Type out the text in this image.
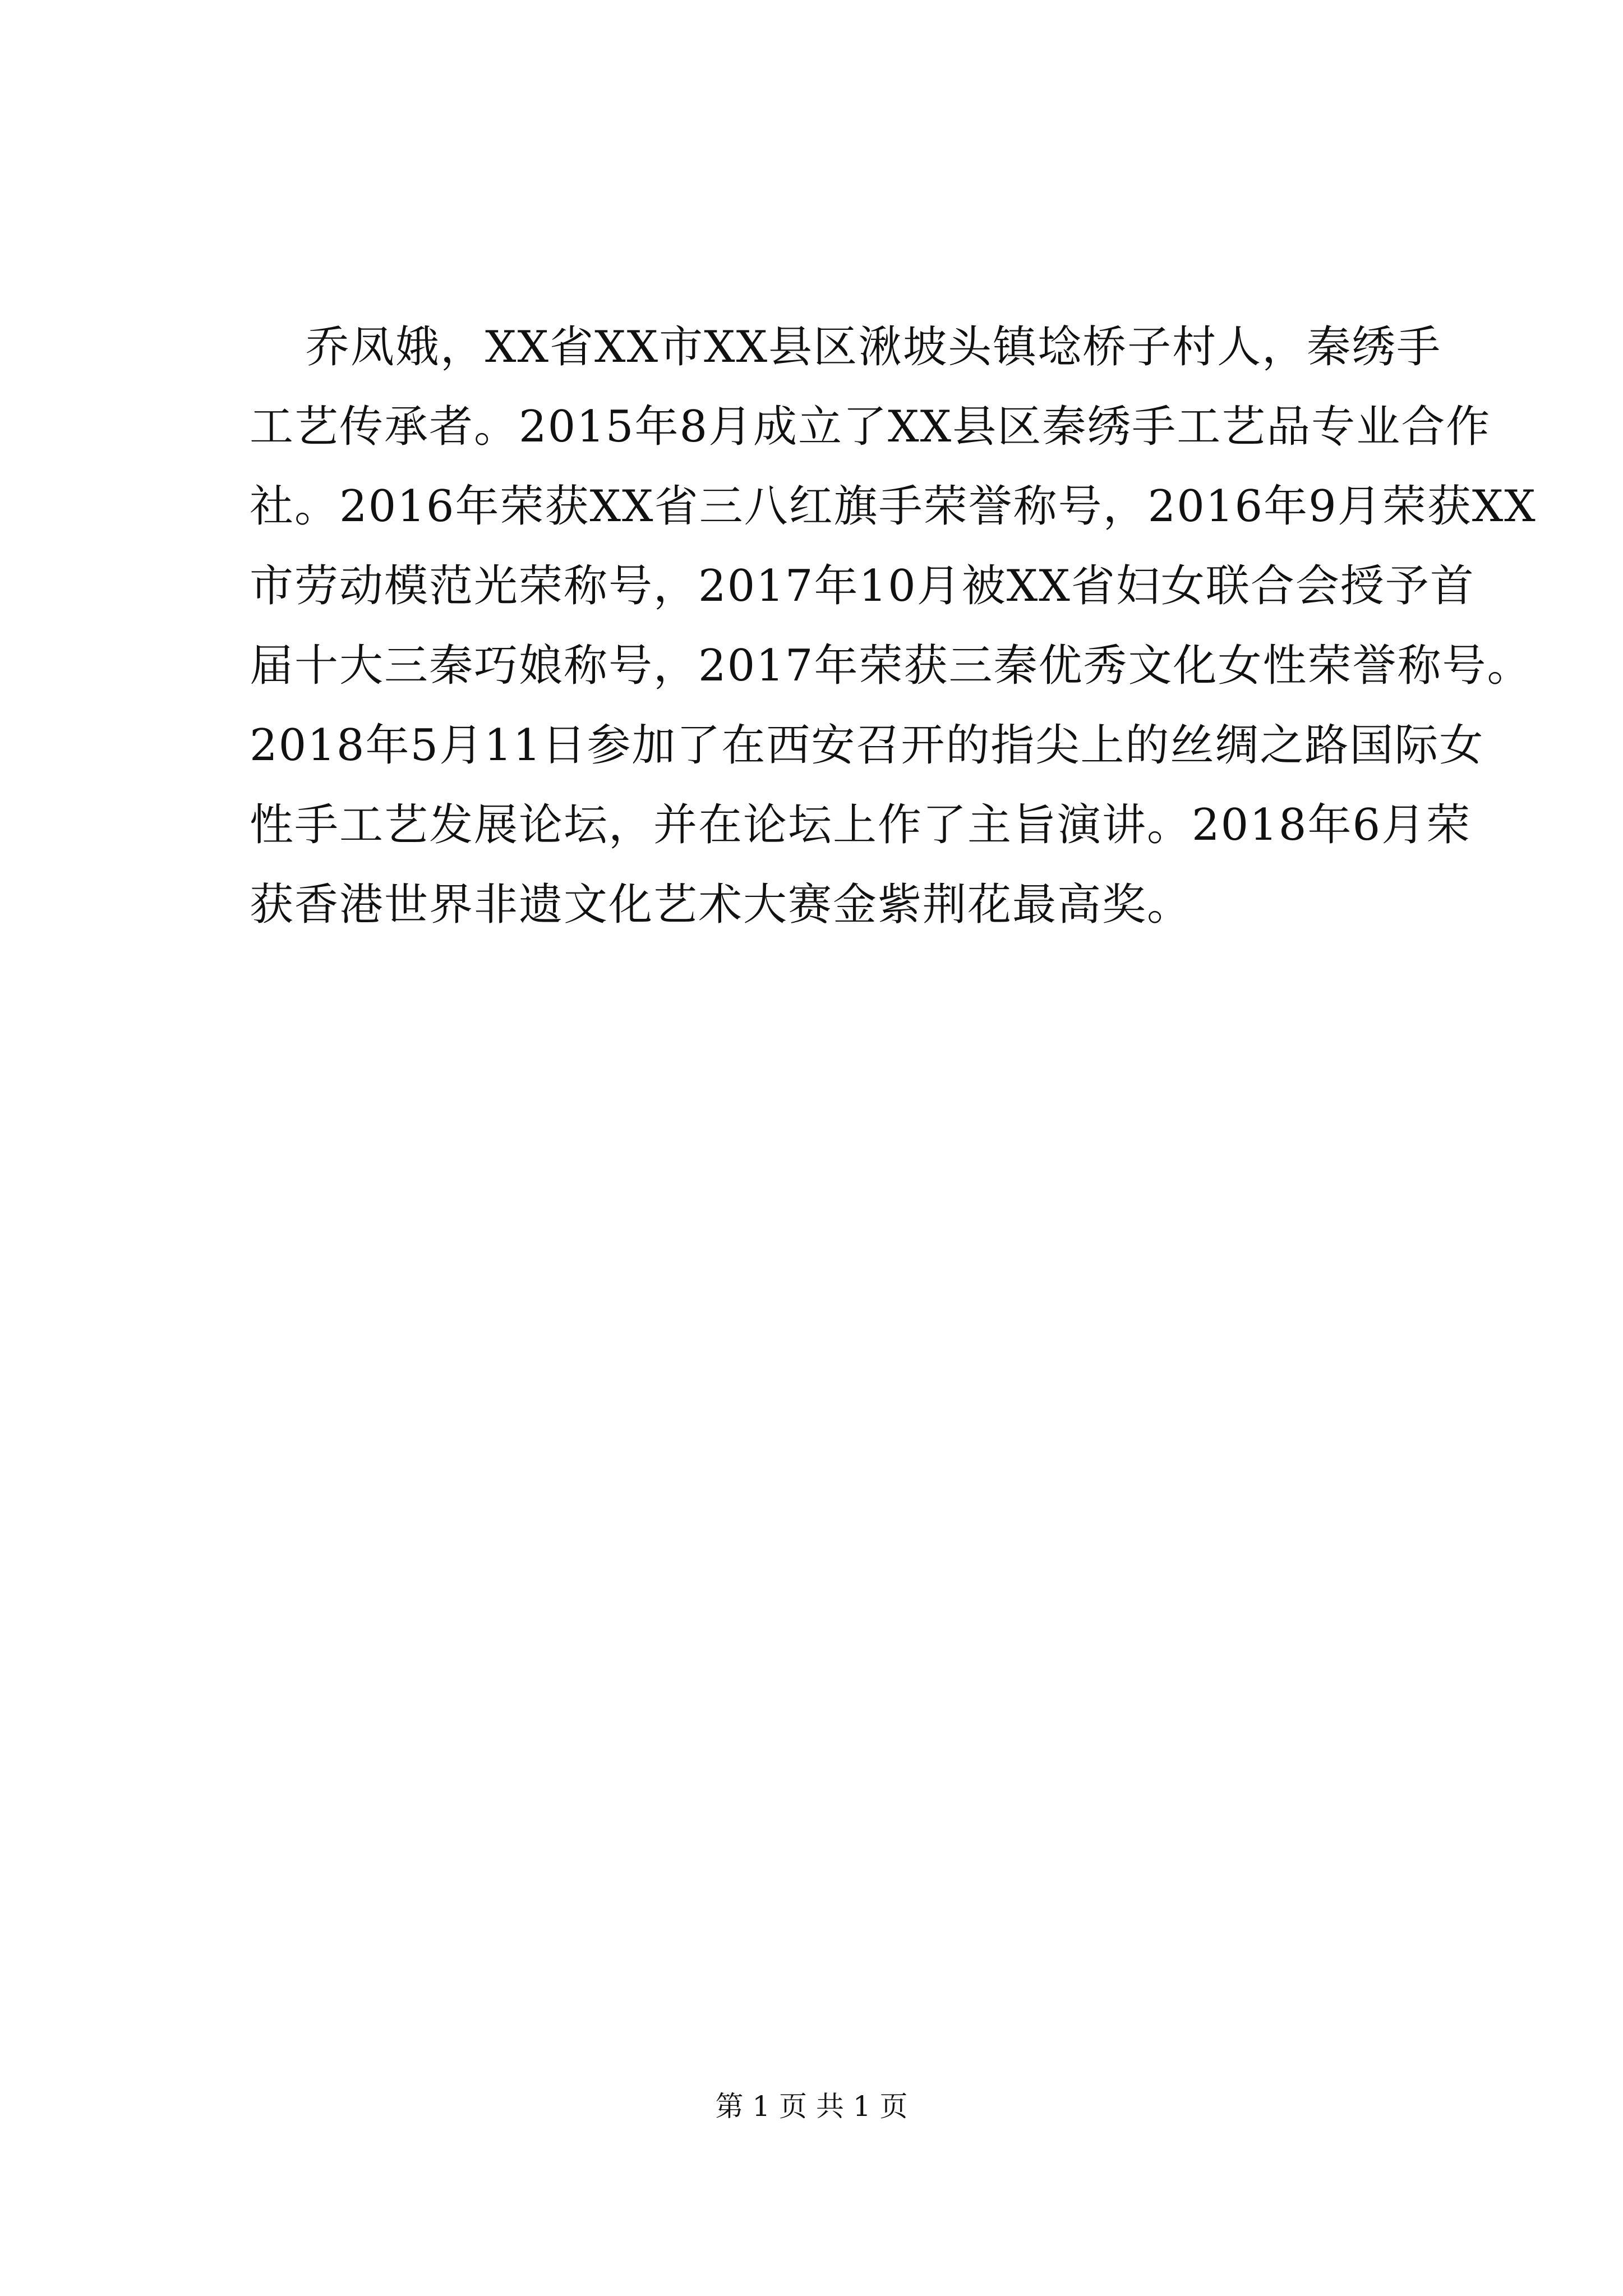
乔凤娥，XX省XX市XX县区湫坡头镇埝桥子村人，秦绣手
工艺传承者。2015年8月成立了XX县区秦绣手工艺品专业合作
社。2016年荣获XX省三八红旗手荣誉称号，2016年9月荣获XX
市劳动模范光荣称号，2017年10月被XX省妇女联合会授予首
届十大三秦巧娘称号，2017年荣获三秦优秀文化女性荣誉称号。
2018年5月11日参加了在西安召开的指尖上的丝绸之路国际女
性手工艺发展论坛，并在论坛上作了主旨演讲。2018年6月荣
获香港世界非遗文化艺术大赛金紫荆花最高奖。
第 1 页 共 1 页
